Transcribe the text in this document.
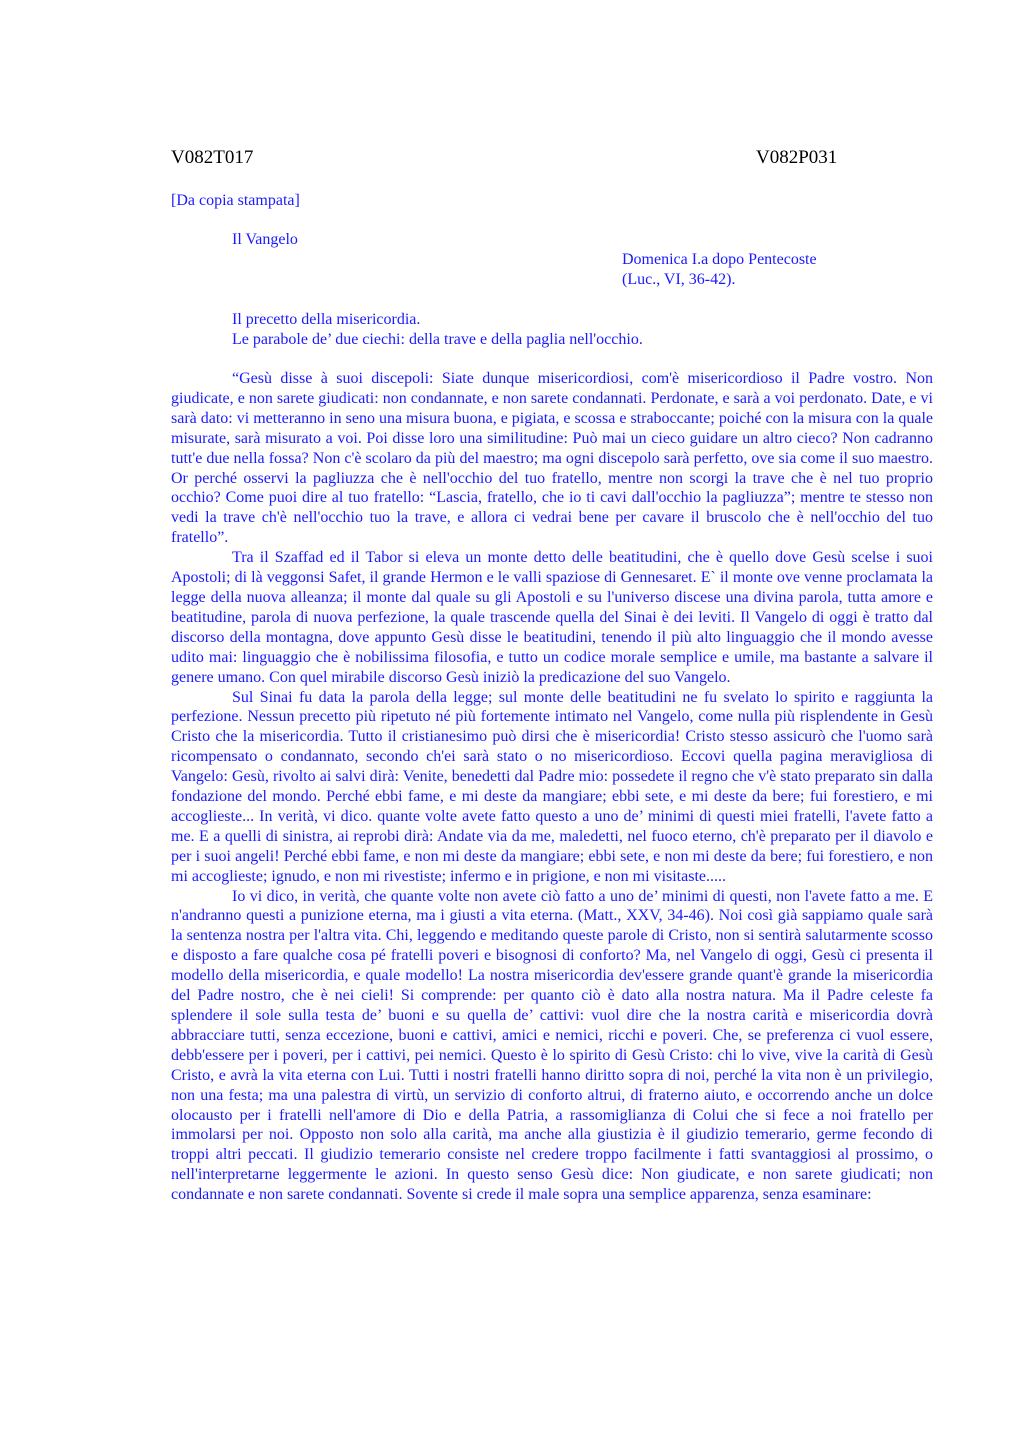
V082T017	V082P031
[Da copia stampata]
Il Vangelo
Domenica I.a dopo Pentecoste
(Luc., VI, 36-42).
Il precetto della misericordia.
Le parabole de’ due ciechi: della trave e della paglia nell'occhio.

“Gesù disse à suoi discepoli: Siate dunque misericordiosi, com'è misericordioso il Padre vostro. Non giudicate, e non sarete giudicati: non condannate, e non sarete condannati. Perdonate, e sarà a voi perdonato. Date, e vi sarà dato: vi metteranno in seno una misura buona, e pigiata, e scossa e straboccante; poiché con la misura con la quale misurate, sarà misurato a voi. Poi disse loro una similitudine: Può mai un cieco guidare un altro cieco? Non cadranno tutt'e due nella fossa? Non c'è scolaro da più del maestro; ma ogni discepolo sarà perfetto, ove sia come il suo maestro. Or perché osservi la pagliuzza che è nell'occhio del tuo fratello, mentre non scorgi la trave che è nel tuo proprio occhio? Come puoi dire al tuo fratello: “Lascia, fratello, che io ti cavi dall'occhio la pagliuzza”; mentre te stesso non vedi la trave ch'è nell'occhio tuo la trave, e allora ci vedrai bene per cavare il bruscolo che è nell'occhio del tuo fratello”.

Tra il Szaffad ed il Tabor si eleva un monte detto delle beatitudini, che è quello dove Gesù scelse i suoi Apostoli; di là veggonsi Safet, il grande Hermon e le valli spaziose di Gennesaret. E` il monte ove venne proclamata la legge della nuova alleanza; il monte dal quale su gli Apostoli e su l'universo discese una divina parola, tutta amore e beatitudine, parola di nuova perfezione, la quale trascende quella del Sinai è dei leviti. Il Vangelo di oggi è tratto dal discorso della montagna, dove appunto Gesù disse le beatitudini, tenendo il più alto linguaggio che il mondo avesse udito mai: linguaggio che è nobilissima filosofia, e tutto un codice morale semplice e umile, ma bastante a salvare il genere umano. Con quel mirabile discorso Gesù iniziò la predicazione del suo Vangelo.

Sul Sinai fu data la parola della legge; sul monte delle beatitudini ne fu svelato lo spirito e raggiunta la perfezione. Nessun precetto più ripetuto né più fortemente intimato nel Vangelo, come nulla più risplendente in Gesù Cristo che la misericordia. Tutto il cristianesimo può dirsi che è misericordia! Cristo stesso assicurò che l'uomo sarà ricompensato o condannato, secondo ch'ei sarà stato o no misericordioso. Eccovi quella pagina meravigliosa di Vangelo: Gesù, rivolto ai salvi dirà: Venite, benedetti dal Padre mio: possedete il regno che v'è stato preparato sin dalla fondazione del mondo. Perché ebbi fame, e mi deste da mangiare; ebbi sete, e mi deste da bere; fui forestiero, e mi accoglieste... In verità, vi dico. quante volte avete fatto questo a uno de’ minimi di questi miei fratelli, l'avete fatto a me. E a quelli di sinistra, ai reprobi dirà: Andate via da me, maledetti, nel fuoco eterno, ch'è preparato per il diavolo e per i suoi angeli! Perché ebbi fame, e non mi deste da mangiare; ebbi sete, e non mi deste da bere; fui forestiero, e non mi accoglieste; ignudo, e non mi rivestiste; infermo e in prigione, e non mi visitaste.....

Io vi dico, in verità, che quante volte non avete ciò fatto a uno de’ minimi di questi, non l'avete fatto a me. E n'andranno questi a punizione eterna, ma i giusti a vita eterna. (Matt., XXV, 34-46). Noi così già sappiamo quale sarà la sentenza nostra per l'altra vita. Chi, leggendo e meditando queste parole di Cristo, non si sentirà salutarmente scosso e disposto a fare qualche cosa pé fratelli poveri e bisognosi di conforto? Ma, nel Vangelo di oggi, Gesù ci presenta il modello della misericordia, e quale modello! La nostra misericordia dev'essere grande quant'è grande la misericordia del Padre nostro, che è nei cieli! Si comprende: per quanto ciò è dato alla nostra natura. Ma il Padre celeste fa splendere il sole sulla testa de’ buoni e su quella de’ cattivi: vuol dire che la nostra carità e misericordia dovrà abbracciare tutti, senza eccezione, buoni e cattivi, amici e nemici, ricchi e poveri. Che, se preferenza ci vuol essere, debb'essere per i poveri, per i cattivi, pei nemici. Questo è lo spirito di Gesù Cristo: chi lo vive, vive la carità di Gesù Cristo, e avrà la vita eterna con Lui. Tutti i nostri fratelli hanno diritto sopra di noi, perché la vita non è un privilegio, non una festa; ma una palestra di virtù, un servizio di conforto altrui, di fraterno aiuto, e occorrendo anche un dolce olocausto per i fratelli nell'amore di Dio e della Patria, a rassomiglianza di Colui che si fece a noi fratello per immolarsi per noi. Opposto non solo alla carità, ma anche alla giustizia è il giudizio temerario, germe fecondo di troppi altri peccati. Il giudizio temerario consiste nel credere troppo facilmente i fatti svantaggiosi al prossimo, o nell'interpretarne leggermente le azioni. In questo senso Gesù dice: Non giudicate, e non sarete giudicati; non condannate e non sarete condannati. Sovente si crede il male sopra una semplice apparenza, senza esaminare:
